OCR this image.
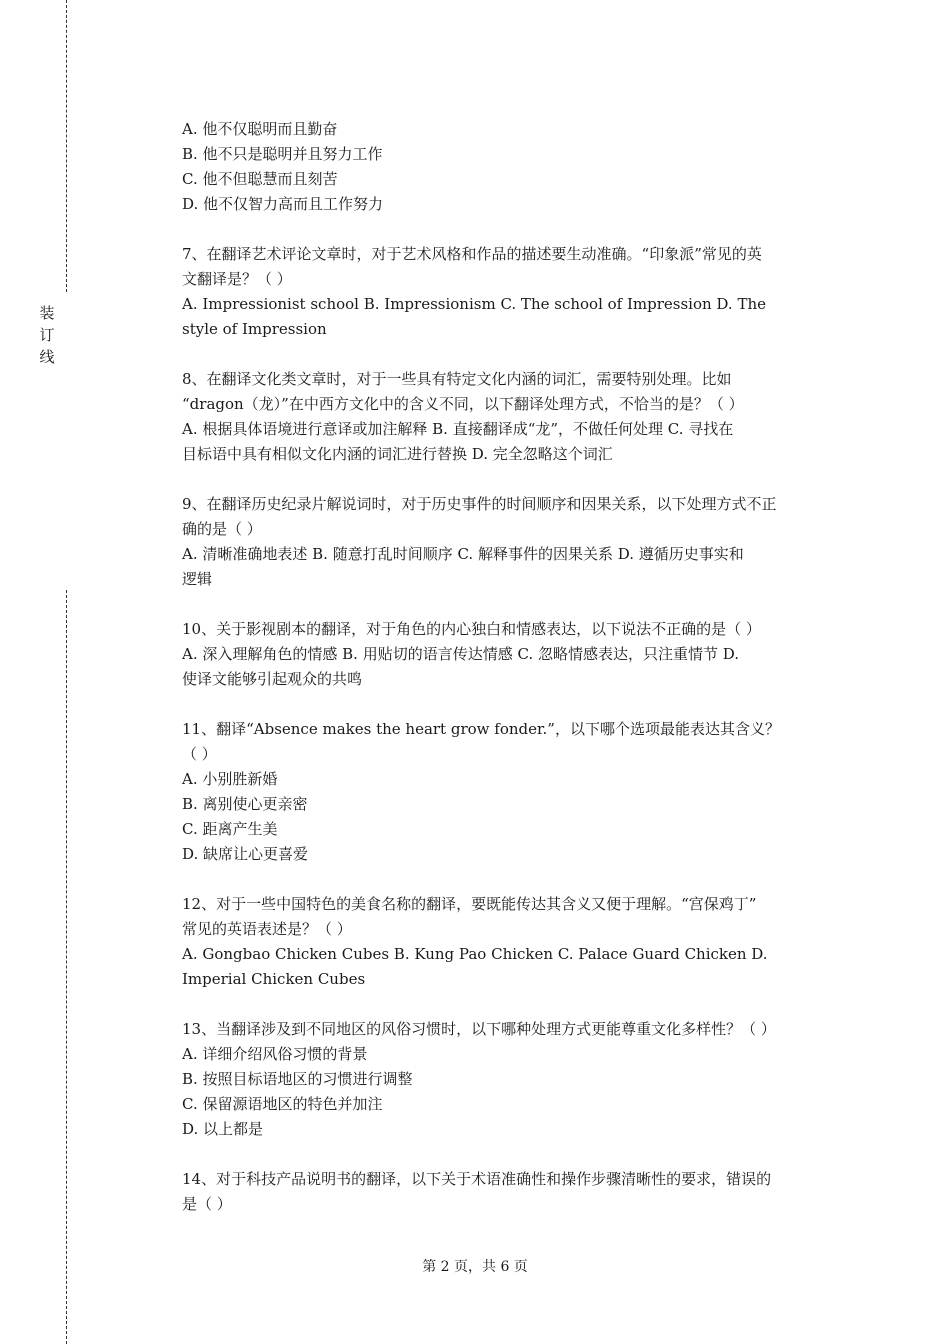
装
订
线
A. 他不仅聪明而且勤奋
B. 他不只是聪明并且努力工作
C. 他不但聪慧而且刻苦
D. 他不仅智力高而且工作努力
7、在翻译艺术评论文章时，对于艺术风格和作品的描述要生动准确。“印象派”常见的英
文翻译是？（ ）
A. Impressionist school B. Impressionism C. The school of Impression D. The
style of Impression
8、在翻译文化类文章时，对于一些具有特定文化内涵的词汇，需要特别处理。比如
“dragon（龙）”在中西方文化中的含义不同，以下翻译处理方式，不恰当的是？（ ）
A. 根据具体语境进行意译或加注解释 B. 直接翻译成“龙”，不做任何处理 C. 寻找在
目标语中具有相似文化内涵的词汇进行替换 D. 完全忽略这个词汇
9、在翻译历史纪录片解说词时，对于历史事件的时间顺序和因果关系，以下处理方式不正
确的是（ ）
A. 清晰准确地表述 B. 随意打乱时间顺序 C. 解释事件的因果关系 D. 遵循历史事实和
逻辑
10、关于影视剧本的翻译，对于角色的内心独白和情感表达，以下说法不正确的是（ ）
A. 深入理解角色的情感 B. 用贴切的语言传达情感 C. 忽略情感表达，只注重情节 D.
使译文能够引起观众的共鸣
11、翻译“Absence makes the heart grow fonder.”，以下哪个选项最能表达其含义？
（ ）
A. 小别胜新婚
B. 离别使心更亲密
C. 距离产生美
D. 缺席让心更喜爱
12、对于一些中国特色的美食名称的翻译，要既能传达其含义又便于理解。“宫保鸡丁”
常见的英语表述是？（ ）
A. Gongbao Chicken Cubes B. Kung Pao Chicken C. Palace Guard Chicken D.
Imperial Chicken Cubes
13、当翻译涉及到不同地区的风俗习惯时，以下哪种处理方式更能尊重文化多样性？（ ）
A. 详细介绍风俗习惯的背景
B. 按照目标语地区的习惯进行调整
C. 保留源语地区的特色并加注
D. 以上都是
14、对于科技产品说明书的翻译，以下关于术语准确性和操作步骤清晰性的要求，错误的
是（ ）
第 2 页，共 6 页
